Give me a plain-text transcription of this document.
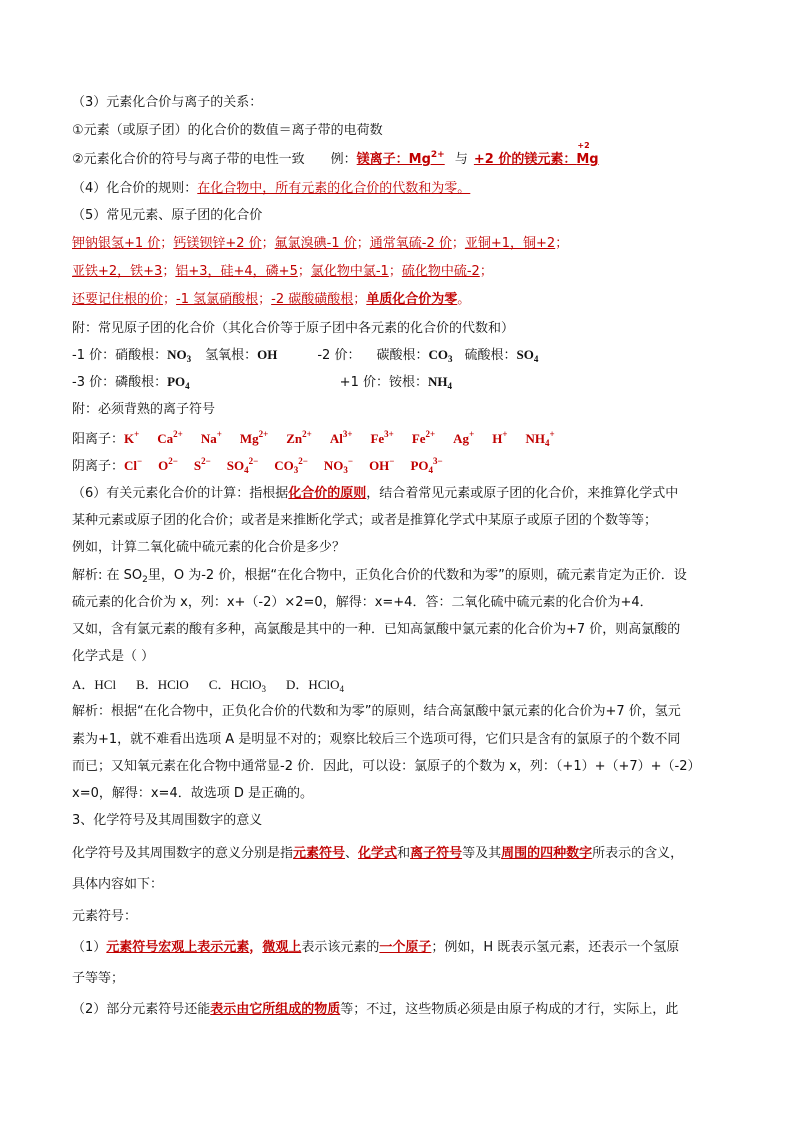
（3）元素化合价与离子的关系：
①元素（或原子团）的化合价的数值＝离子带的电荷数
②元素化合价的符号与离子带的电性一致 例：镁离子：$Mg^{2+}$ 与 +2 价的镁元素：
+2
Mg
（4）化合价的规则：在化合物中，所有元素的化合价的代数和为零。
（5）常见元素、原子团的化合价
钾钠银氢+1 价；钙镁钡锌+2 价；氟氯溴碘-1 价；通常氧硫-2 价；亚铜+1，铜+2；
亚铁+2，铁+3；铝+3，硅+4，磷+5；氯化物中氯-1；硫化物中硫-2；
还要记住根的价；-1 氢氯硝酸根；-2 碳酸磺酸根；单质化合价为零。
附：常见原子团的化合价（其化合价等于原子团中各元素的化合价的代数和）
-1 价：硝酸根：$NO_3$ 氢氧根：OH	-2 价： 碳酸根：$CO_3$ 硫酸根：$SO_4$
-3 价：磷酸根：$PO_4$	+1 价：铵根：$NH_4$
附：必须背熟的离子符号
阳离子：K+ $Ca^{2+}$ Na+ $Mg^{2+}$ $Zn^{2+}$ $Al^{3+}$ $Fe^{3+}$ $Fe^{2+}$ Ag+ H+ $NH_4^+$
阴离子：Cl− $O^{2-}$ $S^{2-}$ $SO_4^{2-}$ $CO_3^{2-}$ $NO_3^-$ OH− $PO_4^{3-}$
（6）有关元素化合价的计算：指根据化合价的原则，结合着常见元素或原子团的化合价，来推算化学式中
某种元素或原子团的化合价；或者是来推断化学式；或者是推算化学式中某原子或原子团的个数等等；
例如，计算二氧化硫中硫元素的化合价是多少？
解析: 在 $SO_2$里，O 为-2 价，根据“在化合物中，正负化合价的代数和为零”的原则，硫元素肯定为正价．设
硫元素的化合价为 x，列：x+（-2）×2=0，解得：x=+4．答：二氧化硫中硫元素的化合价为+4．
又如，含有氯元素的酸有多种，高氯酸是其中的一种．已知高氯酸中氯元素的化合价为+7 价，则高氯酸的
化学式是（ ）
A．HCl B．HClO C．HClO$_3$ D．HClO$_4$
解析：根据“在化合物中，正负化合价的代数和为零”的原则，结合高氯酸中氯元素的化合价为+7 价，氢元
素为+1，就不难看出选项 A 是明显不对的；观察比较后三个选项可得，它们只是含有的氯原子的个数不同
而已；又知氧元素在化合物中通常显-2 价．因此，可以设：氯原子的个数为 x，列：（+1）+（+7）+（-2）
x=0，解得：x=4．故选项 D 是正确的。
3、化学符号及其周围数字的意义
化学符号及其周围数字的意义分别是指元素符号、化学式和离子符号等及其周围的四种数字所表示的含义，
具体内容如下：
元素符号：
（1）元素符号宏观上表示元素，微观上表示该元素的一个原子；例如，H 既表示氢元素，还表示一个氢原
子等等；
（2）部分元素符号还能表示由它所组成的物质等；不过，这些物质必须是由原子构成的才行，实际上，此
